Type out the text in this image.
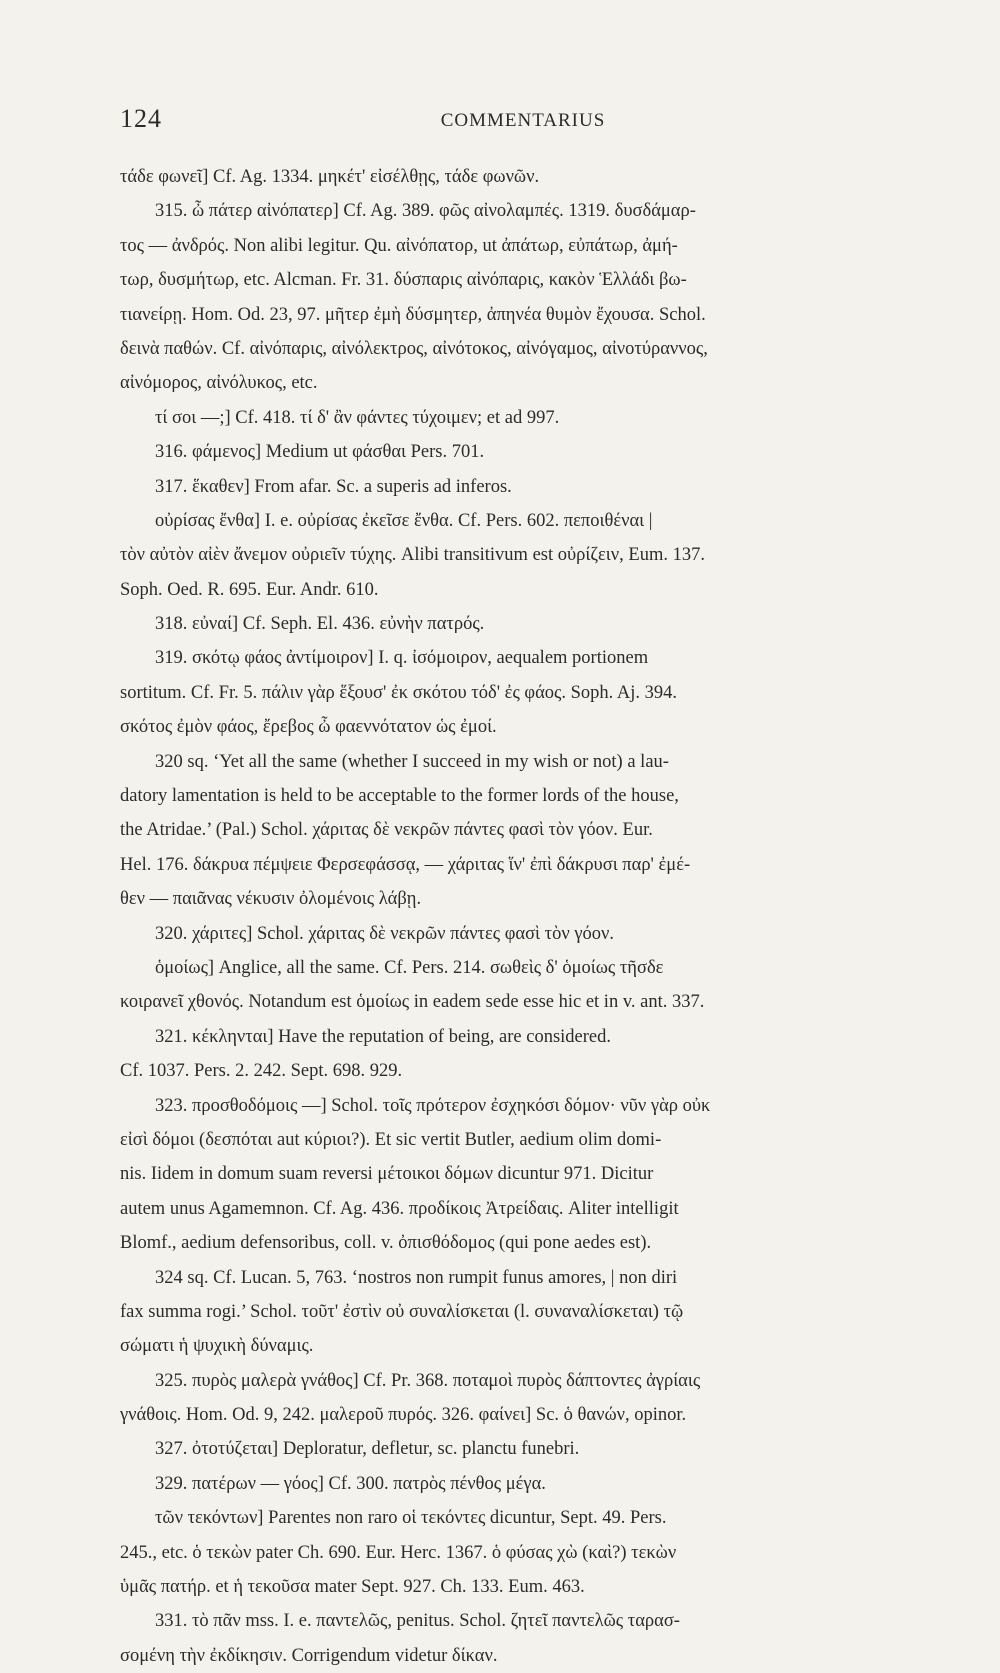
124	COMMENTARIUS
τάδε φωνεῖ] Cf. Ag. 1334. μηκέτ' εἰσέλθῃς, τάδε φωνῶν.
315. ὦ πάτερ αἰνόπατερ] Cf. Ag. 389. φῶς αἰνολαμπές. 1319. δυσδάμαρ-
τος — ἀνδρός. Non alibi legitur. Qu. αἰνόπατορ, ut ἀπάτωρ, εὐπάτωρ, ἀμή-
τωρ, δυσμήτωρ, etc. Alcman. Fr. 31. δύσπαρις αἰνόπαρις, κακὸν Ἑλλάδι βω-
τιανείρῃ. Hom. Od. 23, 97. μῆτερ ἐμὴ δύσμητερ, ἀπηνέα θυμὸν ἔχουσα. Schol.
δεινὰ παθών. Cf. αἰνόπαρις, αἰνόλεκτρος, αἰνότοκος, αἰνόγαμος, αἰνοτύραννος,
αἰνόμορος, αἰνόλυκος, etc.
τί σοι —;] Cf. 418. τί δ' ἂν φάντες τύχοιμεν; et ad 997.
316. φάμενος] Medium ut φάσθαι Pers. 701.
317. ἕκαθεν] From afar. Sc. a superis ad inferos.
οὐρίσας ἔνθα] I. e. οὐρίσας ἐκεῖσε ἔνθα. Cf. Pers. 602. πεποιθέναι |
τὸν αὐτὸν αἰὲν ἄνεμον οὐριεῖν τύχης. Alibi transitivum est οὐρίζειν, Eum. 137.
Soph. Oed. R. 695. Eur. Andr. 610.
318. εὐναί] Cf. Seph. El. 436. εὐνὴν πατρός.
319. σκότῳ φάος ἀντίμοιρον] I. q. ἰσόμοιρον, aequalem portionem
sortitum. Cf. Fr. 5. πάλιν γὰρ ἕξουσ' ἐκ σκότου τόδ' ἐς φάος. Soph. Aj. 394.
σκότος ἐμὸν φάος, ἔρεβος ὦ φαεννότατον ὡς ἐμοί.
320 sq. ‘Yet all the same (whether I succeed in my wish or not) a lau-
datory lamentation is held to be acceptable to the former lords of the house,
the Atridae.’ (Pal.) Schol. χάριτας δὲ νεκρῶν πάντες φασὶ τὸν γόον. Eur.
Hel. 176. δάκρυα πέμψειε Φερσεφάσσᾳ, — χάριτας ἵν' ἐπὶ δάκρυσι παρ' ἐμέ-
θεν — παιᾶνας νέκυσιν ὀλομένοις λάβῃ.
320. χάριτες] Schol. χάριτας δὲ νεκρῶν πάντες φασὶ τὸν γόον.
ὁμοίως] Anglice, all the same. Cf. Pers. 214. σωθεὶς δ' ὁμοίως τῆσδε
κοιρανεῖ χθονός. Notandum est ὁμοίως in eadem sede esse hic et in v. ant. 337.
321. κέκληνται] Have the reputation of being, are considered.
Cf. 1037. Pers. 2. 242. Sept. 698. 929.
323. προσθοδόμοις —] Schol. τοῖς πρότερον ἐσχηκόσι δόμον· νῦν γὰρ οὐκ
εἰσὶ δόμοι (δεσπόται aut κύριοι?). Et sic vertit Butler, aedium olim domi-
nis. Iidem in domum suam reversi μέτοικοι δόμων dicuntur 971. Dicitur
autem unus Agamemnon. Cf. Ag. 436. προδίκοις Ἀτρείδαις. Aliter intelligit
Blomf., aedium defensoribus, coll. v. ὀπισθόδομος (qui pone aedes est).
324 sq. Cf. Lucan. 5, 763. ‘nostros non rumpit funus amores, | non diri
fax summa rogi.’ Schol. τοῦτ' ἐστὶν οὐ συναλίσκεται (l. συναναλίσκεται) τῷ
σώματι ἡ ψυχικὴ δύναμις.
325. πυρὸς μαλερὰ γνάθος] Cf. Pr. 368. ποταμοὶ πυρὸς δάπτοντες ἀγρίαις
γνάθοις. Hom. Od. 9, 242. μαλεροῦ πυρός. 326. φαίνει] Sc. ὁ θανών, opinor.
327. ὀτοτύζεται] Deploratur, defletur, sc. planctu funebri.
329. πατέρων — γόος] Cf. 300. πατρὸς πένθος μέγα.
τῶν τεκόντων] Parentes non raro οἱ τεκόντες dicuntur, Sept. 49. Pers.
245., etc. ὁ τεκὼν pater Ch. 690. Eur. Herc. 1367. ὁ φύσας χὼ (καὶ?) τεκὼν
ὑμᾶς πατήρ. et ἡ τεκοῦσα mater Sept. 927. Ch. 133. Eum. 463.
331. τὸ πᾶν mss. I. e. παντελῶς, penitus. Schol. ζητεῖ παντελῶς ταρασ-
σομένη τὴν ἐκδίκησιν. Corrigendum videtur δίκαν.
